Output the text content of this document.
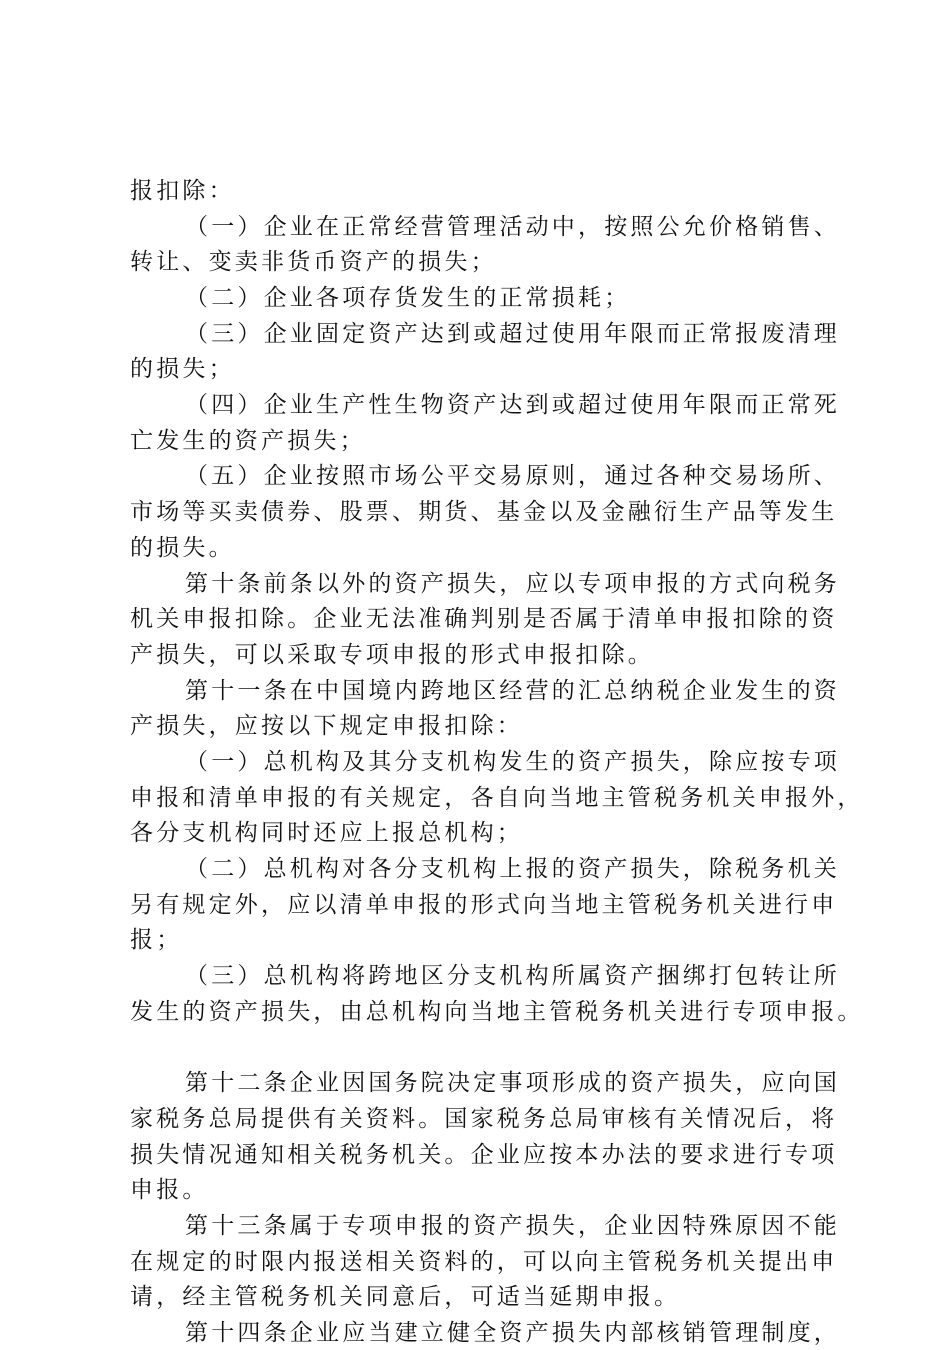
报扣除：
（一）企业在正常经营管理活动中，按照公允价格销售、
转让、变卖非货币资产的损失；
（二）企业各项存货发生的正常损耗；
（三）企业固定资产达到或超过使用年限而正常报废清理
的损失；
（四）企业生产性生物资产达到或超过使用年限而正常死
亡发生的资产损失；
（五）企业按照市场公平交易原则，通过各种交易场所、
市场等买卖债券、股票、期货、基金以及金融衍生产品等发生
的损失。
第十条前条以外的资产损失，应以专项申报的方式向税务
机关申报扣除。企业无法准确判别是否属于清单申报扣除的资
产损失，可以采取专项申报的形式申报扣除。
第十一条在中国境内跨地区经营的汇总纳税企业发生的资
产损失，应按以下规定申报扣除：
（一）总机构及其分支机构发生的资产损失，除应按专项
申报和清单申报的有关规定，各自向当地主管税务机关申报外，
各分支机构同时还应上报总机构；
（二）总机构对各分支机构上报的资产损失，除税务机关
另有规定外，应以清单申报的形式向当地主管税务机关进行申
报；
（三）总机构将跨地区分支机构所属资产捆绑打包转让所
发生的资产损失，由总机构向当地主管税务机关进行专项申报。
第十二条企业因国务院决定事项形成的资产损失，应向国
家税务总局提供有关资料。国家税务总局审核有关情况后，将
损失情况通知相关税务机关。企业应按本办法的要求进行专项
申报。
第十三条属于专项申报的资产损失，企业因特殊原因不能
在规定的时限内报送相关资料的，可以向主管税务机关提出申
请，经主管税务机关同意后，可适当延期申报。
第十四条企业应当建立健全资产损失内部核销管理制度，
